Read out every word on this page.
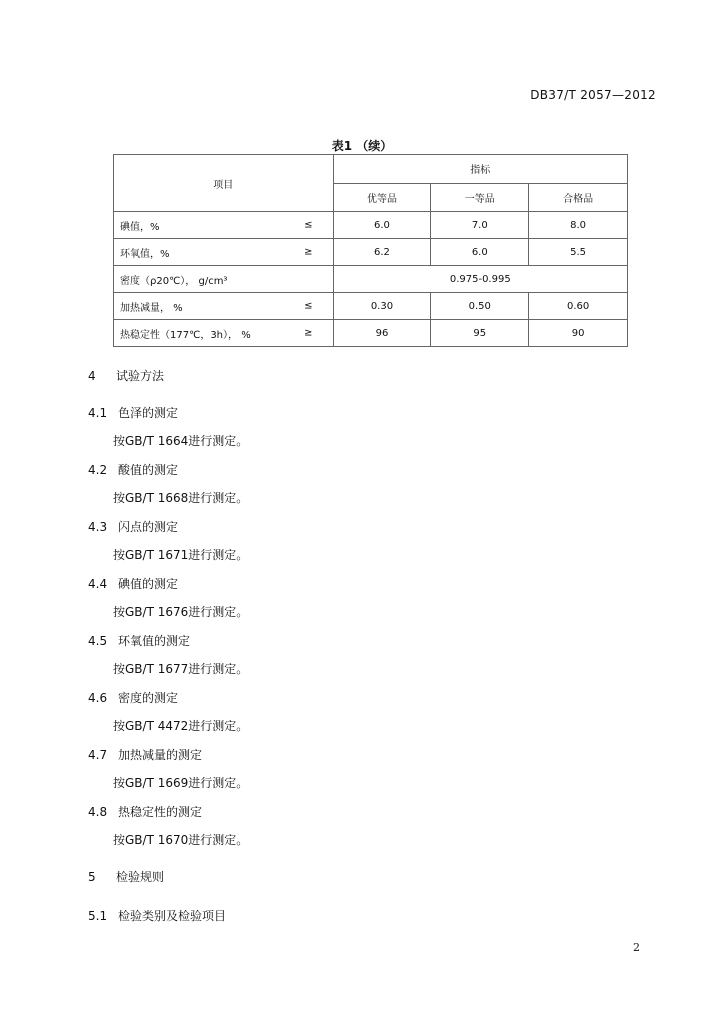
DB37/T 2057—2012
表1 （续）
项目	指标		
	优等品	一等品	合格品
碘值，% ≤	6.0	7.0	8.0
环氧值，% ≥	6.2	6.0	5.5
密度（ρ20℃）， g/cm³	0.975-0.995		
加热减量， % ≤	0.30	0.50	0.60
热稳定性（177℃，3h）， % ≥	96	95	90
4 试验方法
4.1 色泽的测定
按GB/T 1664进行测定。
4.2 酸值的测定
按GB/T 1668进行测定。
4.3 闪点的测定
按GB/T 1671进行测定。
4.4 碘值的测定
按GB/T 1676进行测定。
4.5 环氧值的测定
按GB/T 1677进行测定。
4.6 密度的测定
按GB/T 4472进行测定。
4.7 加热减量的测定
按GB/T 1669进行测定。
4.8 热稳定性的测定
按GB/T 1670进行测定。
5 检验规则
5.1 检验类别及检验项目
2
